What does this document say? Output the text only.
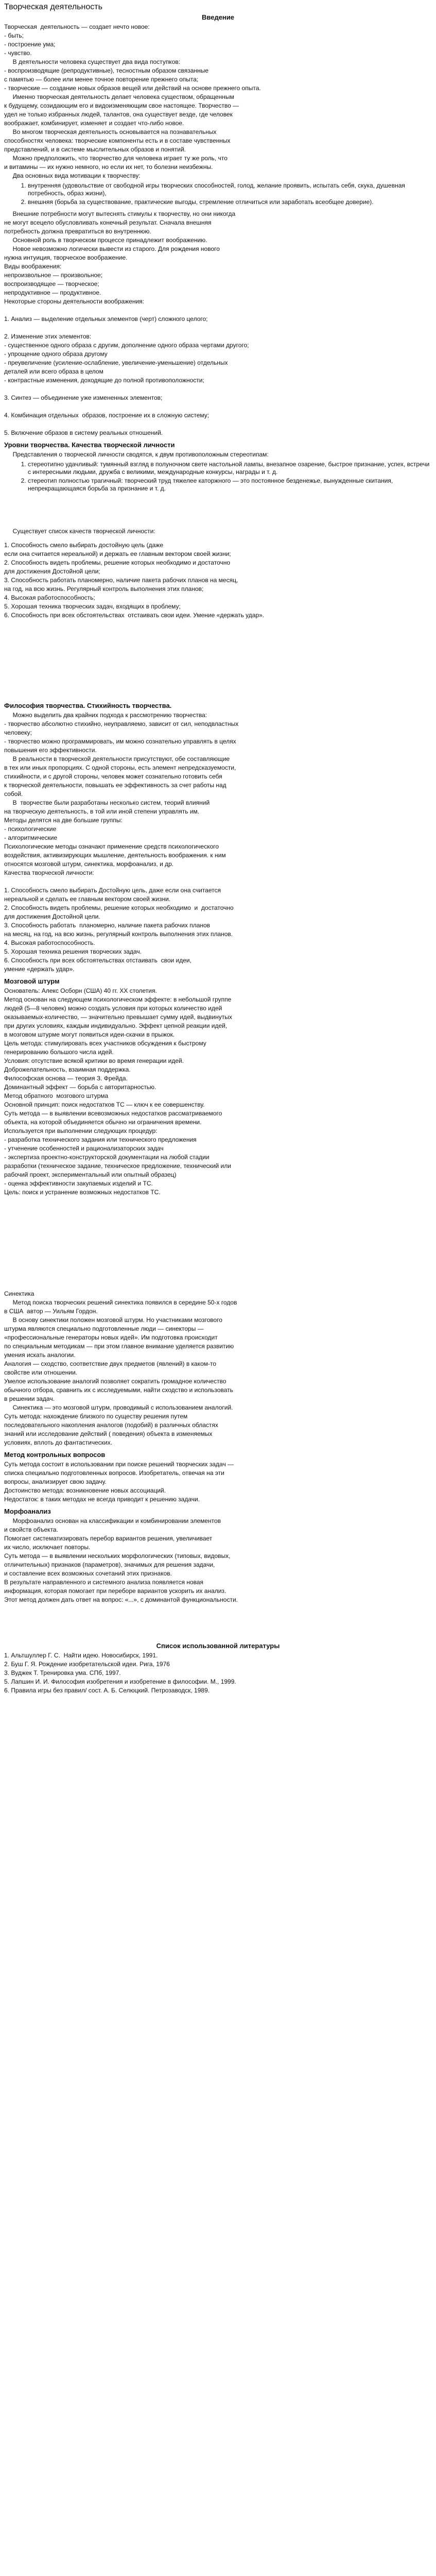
Творческая деятельность
Введение
Творческая  деятельность — создает нечто новое:
- быть;
- построение ума;
- чувство.
В деятельности человека существует два вида поступков:
- воспроизводящие (репродуктивные), тесностным образом связанные
с памятью — более или менее точное повторение прежнего опыта;
- творческие — создание новых образов вещей или действий на основе прежнего опыта.
Именно творческая деятельность делает человека существом, обращенным
к будущему, созидающим его и видоизменяющим свое настоящее. Творчество —
удел не только избранных людей, талантов, она существует везде, где человек
воображает, комбинирует, изменяет и создает что-либо новое.
Во многом творческая деятельность основывается на познавательных
способностях человека: творческие компоненты есть и в составе чувственных
представлений, и в системе мыслительных образов и понятий.
Можно предположить, что творчество для человека играет ту же роль, что
и витамины — их нужно немного, но если их нет, то болезни неизбежны.
Два основных вида мотивации к творчеству:
1. внутренняя (удовольствие от свободной игры творческих способностей, голод, желание проявить, испытать себя, скука, душевная потребность, образ жизни),
2. внешняя (борьба за существование, практические выгоды, стремление отличиться или заработать всеобщее доверие).
Внешние потребности могут вытеснять стимулы к творчеству, но они никогда
не могут всецело обусловливать конечный результат. Сначала внешняя
потребность должна превратиться во внутреннюю.
Основной роль в творческом процессе принадлежит воображению.
Новое невозможно логически вывести из старого. Для рождения нового
нужна интуиция, творческое воображение.
Виды воображения:
непроизвольное — произвольное;
воспроизводящее — творческое;
непродуктивное — продуктивное.
Некоторые стороны деятельности воображения:

1. Анализ — выделение отдельных элементов (черт) сложного целого;

2. Изменение этих элементов:
- существенное одного образа с другим, дополнение одного образа чертами другого;
- упрощение одного образа другому
- преувеличение (усиление-ослабление, увеличение-уменьшение) отдельных
деталей или всего образа в целом
- контрастные изменения, доходящие до полной противоположности;

3. Синтез — объединение уже измененных элементов;

4. Комбинация отдельных  образов, построение их в сложную систему;

5. Включение образов в систему реальных отношений.
Уровни творчества. Качества творческой личности
Представления о творческой личности сводятся, к двум противоположным стереотипам:
1. стереотипно удачливый: тумянный взгляд в полуночном свете настольной лампы, внезапное озарение, быстрое признание, успех, встречи с интересными людьми, дружба с великими, международные конкурсы, награды и т. д.
2. стереотип полностью трагичный: творческий труд тяжелее каторжного — это постоянное безденежье, вынужденные скитания, непрекращающаяся борьба за признание и т. д.
Существует список качеств творческой личности:
1. Способность смело выбирать достойную цель (даже
если она считается нереальной) и держать ее главным вектором своей жизни;
2. Способность видеть проблемы, решение которых необходимо и достаточно
для достижения Достойной цели;
3. Способность работать планомерно, наличие пакета рабочих планов на месяц,
на год, на всю жизнь. Регулярный контроль выполнения этих планов;
4. Высокая работоспособность;
5. Хорошая техника творческих задач, входящих в проблему;
6. Способность при всех обстоятельствах  отстаивать свои идеи. Умение «держать удар».
Философия творчества. Стихийность творчества.
Можно выделить два крайних подхода к рассмотрению творчества:
- творчество абсолютно стихийно, неуправляемо, зависит от сил, неподвластных
человеку;
- творчество можно программировать, им можно сознательно управлять в целях
повышения его эффективности.
В реальности в творческой деятельности присутствуют, обе составляющие
в тех или иных пропорциях. С одной стороны, есть элемент непредсказуемости,
стихийности, и с другой стороны, человек может сознательно готовить себя
к творческой деятельности, повышать ее эффективность за счет работы над
собой.
В  творчестве были разработаны несколько систем, теорий влияний
на творческую деятельность, в той или иной степени управлять им.
Методы делятся на две большие группы:
- психологические
- алгоритмические
Психологические методы означают применение средств психологического
воздействия, активизирующих мышление, деятельность воображения. к ним
относятся мозговой штурм, синектика, морфоанализ, и др.
Качества творческой личности:

1. Способность смело выбирать Достойную цель, даже если она считается
нереальной и сделать ее главным вектором своей жизни.
2. Способность видеть проблемы, решение которых необходимо  и  достаточно
для достижения Достойной цели.
3. Способность работать  планомерно, наличие пакета рабочих планов
на месяц, на год, на всю жизнь, регулярный контроль выполнения этих планов.
4. Высокая работоспособность.
5. Хорошая техника решения творческих задач.
6. Способность при всех обстоятельствах отстаивать  свои идеи,
умение «держать удар».
Мозговой штурм
Основатель: Алекс Осборн (США) 40 гг. XX столетия.
Метод основан на следующем психологическом эффекте: в небольшой группе
людей (5—8 человек) можно создать условия при которых количество идей
оказываемых-количество, — значительно превышает сумму идей, выдвинутых
при других условиях, каждым индивидуально. Эффект цепной реакции идей,
в мозговом штурме могут появиться идеи-скачки в прыжок.
Цель метода: стимулировать всех участников обсуждения к быстрому
генерированию большого числа идей.
Условия: отсутствие всякой критики во время генерации идей.
Доброжелательность, взаимная поддержка.
Философская основа — теория З. Фрейда.
Доминантный эффект — борьба с авторитарностью.
Метод обратного  мозгового штурма
Основной принцип: поиск недостатков ТС — ключ к ее совершенству.
Суть метода — в выявлении всевозможных недостатков рассматриваемого
объекта, на которой объединяется обычно ни ограничения времени.
Используется при выполнении следующих процедур:
- разработка технического задания или технического предложения
- утченение особенностей и рационализаторских задач
- экспертиза проектно-конструкторской документации на любой стадии
разработки (техническое задание, техническое предложение, технический или
рабочий проект, экспериментальный или опытный образец)
- оценка эффективности закупаемых изделий и ТС.
Цель: поиск и устранение возможных недостатков ТС.
Синектика
Метод поиска творческих решений синектика появился в середине 50-х годов
в США  автор — Уильям Гордон.
В основу синектики положен мозговой штурм. Но участниками мозгового
штурма являются специально подготовленные люди — синекторы —
«профессиональные генераторы новых идей». Им подготовка происходит
по специальным методикам — при этом главное внимание уделяется развитию
умения искать аналогии.
Аналогия — сходство, соответствие двух предметов (явлений) в каком-то
свойстве или отношении.
Умелое использование аналогий позволяет сократить громадное количество
обычного отбора, сравнить их с исследуемыми, найти сходство и использовать
в решении задач.
Синектика — это мозговой штурм, проводимый с использованием аналогий.
Суть метода: нахождение близкого по существу решения путем
последовательного накопления аналогов (подобий) в различных областях
знаний или исследование действий ( поведения) объекта в изменяемых
условиях, вплоть до фантастических.
Метод контрольных вопросов
Суть метода состоит в использовании при поиске решений творческих задач —
списка специально подготовленных вопросов. Изобретатель, отвечая на эти
вопросы, анализирует свою задачу.
Достоинство метода: возникновение новых ассоциаций.
Недостаток: в таких методах не всегда приводит к решению задачи.
Морфоанализ
Морфоанализ основан на классификации и комбинировании элементов
и свойств объекта.
Помогает систематизировать перебор вариантов решения, увеличивает
их число, исключает повторы.
Суть метода — в выявлении нескольких морфологических (типовых, видовых,
отличительных) признаков (параметров), значимых для решения задачи,
и составление всех возможных сочетаний этих признаков.
В результате направленного и системного анализа появляется новая
информация, которая помогает при переборе вариантов ускорить их анализ.
Этот метод должен дать ответ на вопрос: «...», с доминантой функциональности.
Список использованной литературы
1. Альтшуллер Г. С.  Найти идею. Новосибирск, 1991.
2. Буш Г. Я. Рождение изобретательской идеи. Рига, 1976
3. Вуджек Т. Тренировка ума. СПб, 1997.
5. Лапшин И. И. Философия изобретения и изобретение в философии. М., 1999.
6. Правила игры без правил/ сост. А. Б. Селюцкий. Петрозаводск, 1989.
